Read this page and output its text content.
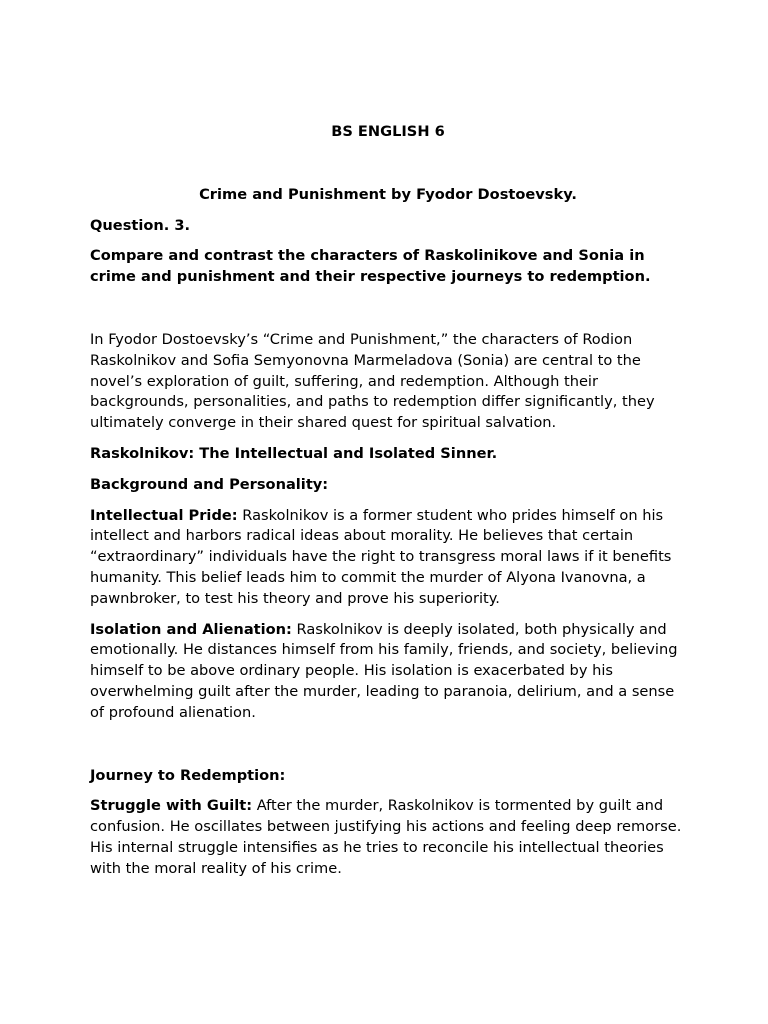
BS ENGLISH 6

Crime and Punishment by Fyodor Dostoevsky.

Question. 3.

Compare and contrast the characters of Raskolinikove and Sonia in crime and punishment and their respective journeys to redemption.

In Fyodor Dostoevsky’s “Crime and Punishment,” the characters of Rodion Raskolnikov and Sofia Semyonovna Marmeladova (Sonia) are central to the novel’s exploration of guilt, suffering, and redemption. Although their backgrounds, personalities, and paths to redemption differ significantly, they ultimately converge in their shared quest for spiritual salvation.

Raskolnikov: The Intellectual and Isolated Sinner.

Background and Personality:

Intellectual Pride: Raskolnikov is a former student who prides himself on his intellect and harbors radical ideas about morality. He believes that certain “extraordinary” individuals have the right to transgress moral laws if it benefits humanity. This belief leads him to commit the murder of Alyona Ivanovna, a pawnbroker, to test his theory and prove his superiority.

Isolation and Alienation: Raskolnikov is deeply isolated, both physically and emotionally. He distances himself from his family, friends, and society, believing himself to be above ordinary people. His isolation is exacerbated by his overwhelming guilt after the murder, leading to paranoia, delirium, and a sense of profound alienation.

Journey to Redemption:

Struggle with Guilt: After the murder, Raskolnikov is tormented by guilt and confusion. He oscillates between justifying his actions and feeling deep remorse. His internal struggle intensifies as he tries to reconcile his intellectual theories with the moral reality of his crime.
